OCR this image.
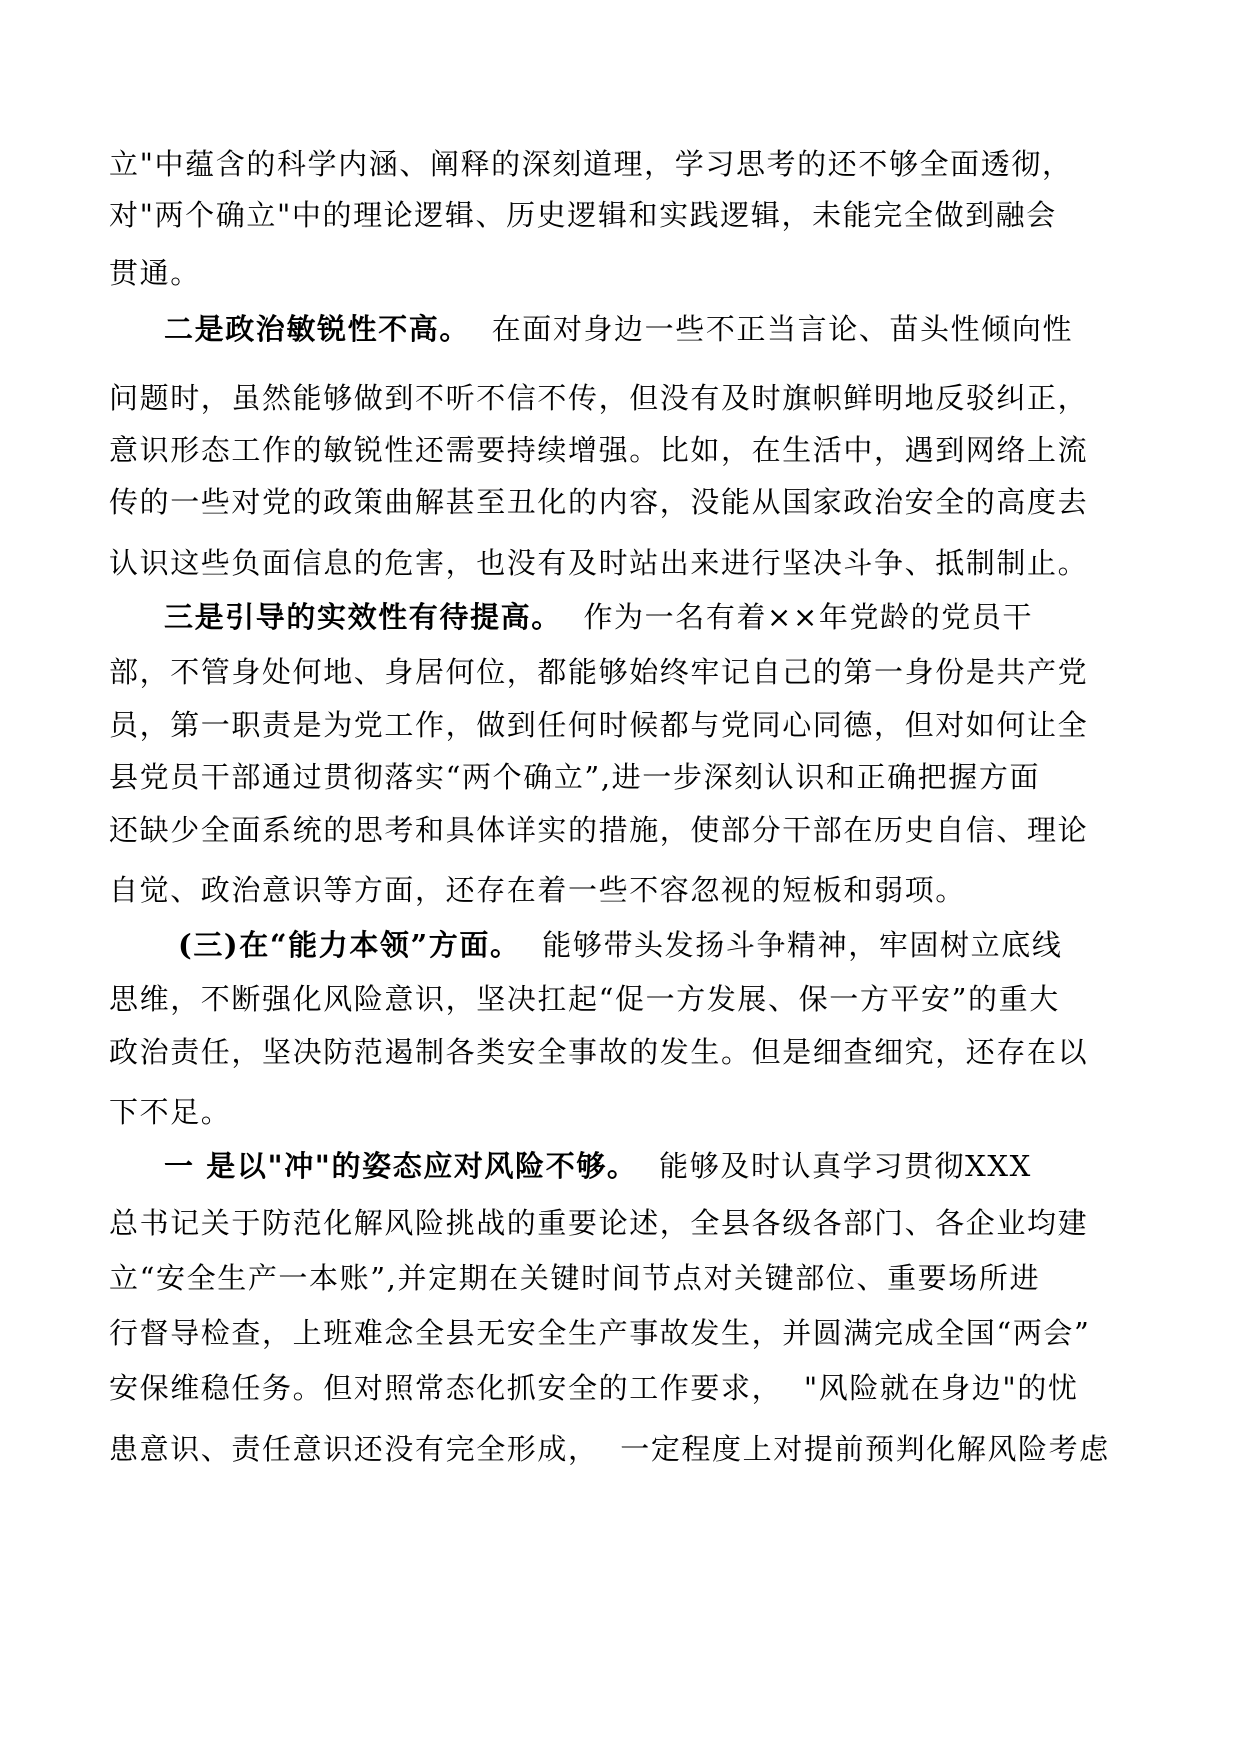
立"中蕴含的科学内涵、阐释的深刻道理，学习思考的还不够全面透彻，
对"两个确立"中的理论逻辑、历史逻辑和实践逻辑，未能完全做到融会
贯通。
二是政治敏锐性不高。  在面对身边一些不正当言论、苗头性倾向性
问题时，虽然能够做到不听不信不传，但没有及时旗帜鲜明地反驳纠正，
意识形态工作的敏锐性还需要持续增强。比如，在生活中，遇到网络上流
传的一些对党的政策曲解甚至丑化的内容，没能从国家政治安全的高度去
认识这些负面信息的危害，也没有及时站出来进行坚决斗争、抵制制止。
三是引导的实效性有待提高。  作为一名有着××年党龄的党员干
部，不管身处何地、身居何位，都能够始终牢记自己的第一身份是共产党
员，第一职责是为党工作，做到任何时候都与党同心同德，但对如何让全
县党员干部通过贯彻落实“两个确立”,进一步深刻认识和正确把握方面
还缺少全面系统的思考和具体详实的措施，使部分干部在历史自信、理论
自觉、政治意识等方面，还存在着一些不容忽视的短板和弱项。
(三)在“能力本领”方面。  能够带头发扬斗争精神，牢固树立底线
思维，不断强化风险意识，坚决扛起“促一方发展、保一方平安”的重大
政治责任，坚决防范遏制各类安全事故的发生。但是细查细究，还存在以
下不足。
一 是以"冲"的姿态应对风险不够。  能够及时认真学习贯彻XXX
总书记关于防范化解风险挑战的重要论述，全县各级各部门、各企业均建
立“安全生产一本账”,并定期在关键时间节点对关键部位、重要场所进
行督导检查，上班难念全县无安全生产事故发生，并圆满完成全国“两会”
安保维稳任务。但对照常态化抓安全的工作要求，  "风险就在身边"的忧
患意识、责任意识还没有完全形成，  一定程度上对提前预判化解风险考虑
